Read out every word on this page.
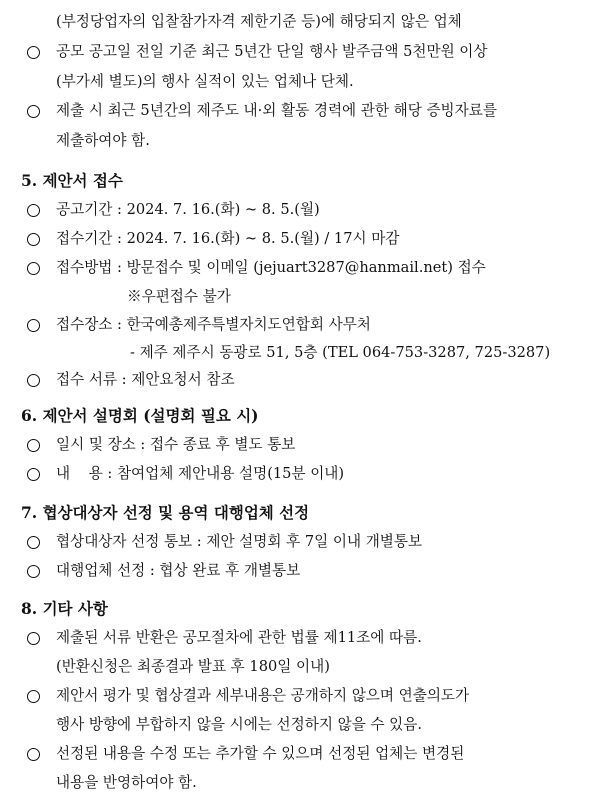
(부정당업자의 입찰참가자격 제한기준 등)에 해당되지 않은 업체
공모 공고일 전일 기준 최근 5년간 단일 행사 발주금액 5천만원 이상
(부가세 별도)의 행사 실적이 있는 업체나 단체.
제출 시 최근 5년간의 제주도 내·외 활동 경력에 관한 해당 증빙자료를
제출하여야 함.
5. 제안서 접수
공고기간 : 2024. 7. 16.(화) ~ 8. 5.(월)
접수기간 : 2024. 7. 16.(화) ~ 8. 5.(월) / 17시 마감
접수방법 : 방문접수 및 이메일 (jejuart3287@hanmail.net) 접수
※우편접수 불가
접수장소 : 한국예총제주특별자치도연합회 사무처
- 제주 제주시 동광로 51, 5층 (TEL 064-753-3287, 725-3287)
접수 서류 : 제안요청서 참조
6. 제안서 설명회 (설명회 필요 시)
일시 및 장소 : 접수 종료 후 별도 통보
내    용 : 참여업체 제안내용 설명(15분 이내)
7. 협상대상자 선정 및 용역 대행업체 선정
협상대상자 선정 통보 : 제안 설명회 후 7일 이내 개별통보
대행업체 선정 : 협상 완료 후 개별통보
8. 기타 사항
제출된 서류 반환은 공모절차에 관한 법률 제11조에 따름.
(반환신청은 최종결과 발표 후 180일 이내)
제안서 평가 및 협상결과 세부내용은 공개하지 않으며 연출의도가
행사 방향에 부합하지 않을 시에는 선정하지 않을 수 있음.
선정된 내용을 수정 또는 추가할 수 있으며 선정된 업체는 변경된
내용을 반영하여야 함.
